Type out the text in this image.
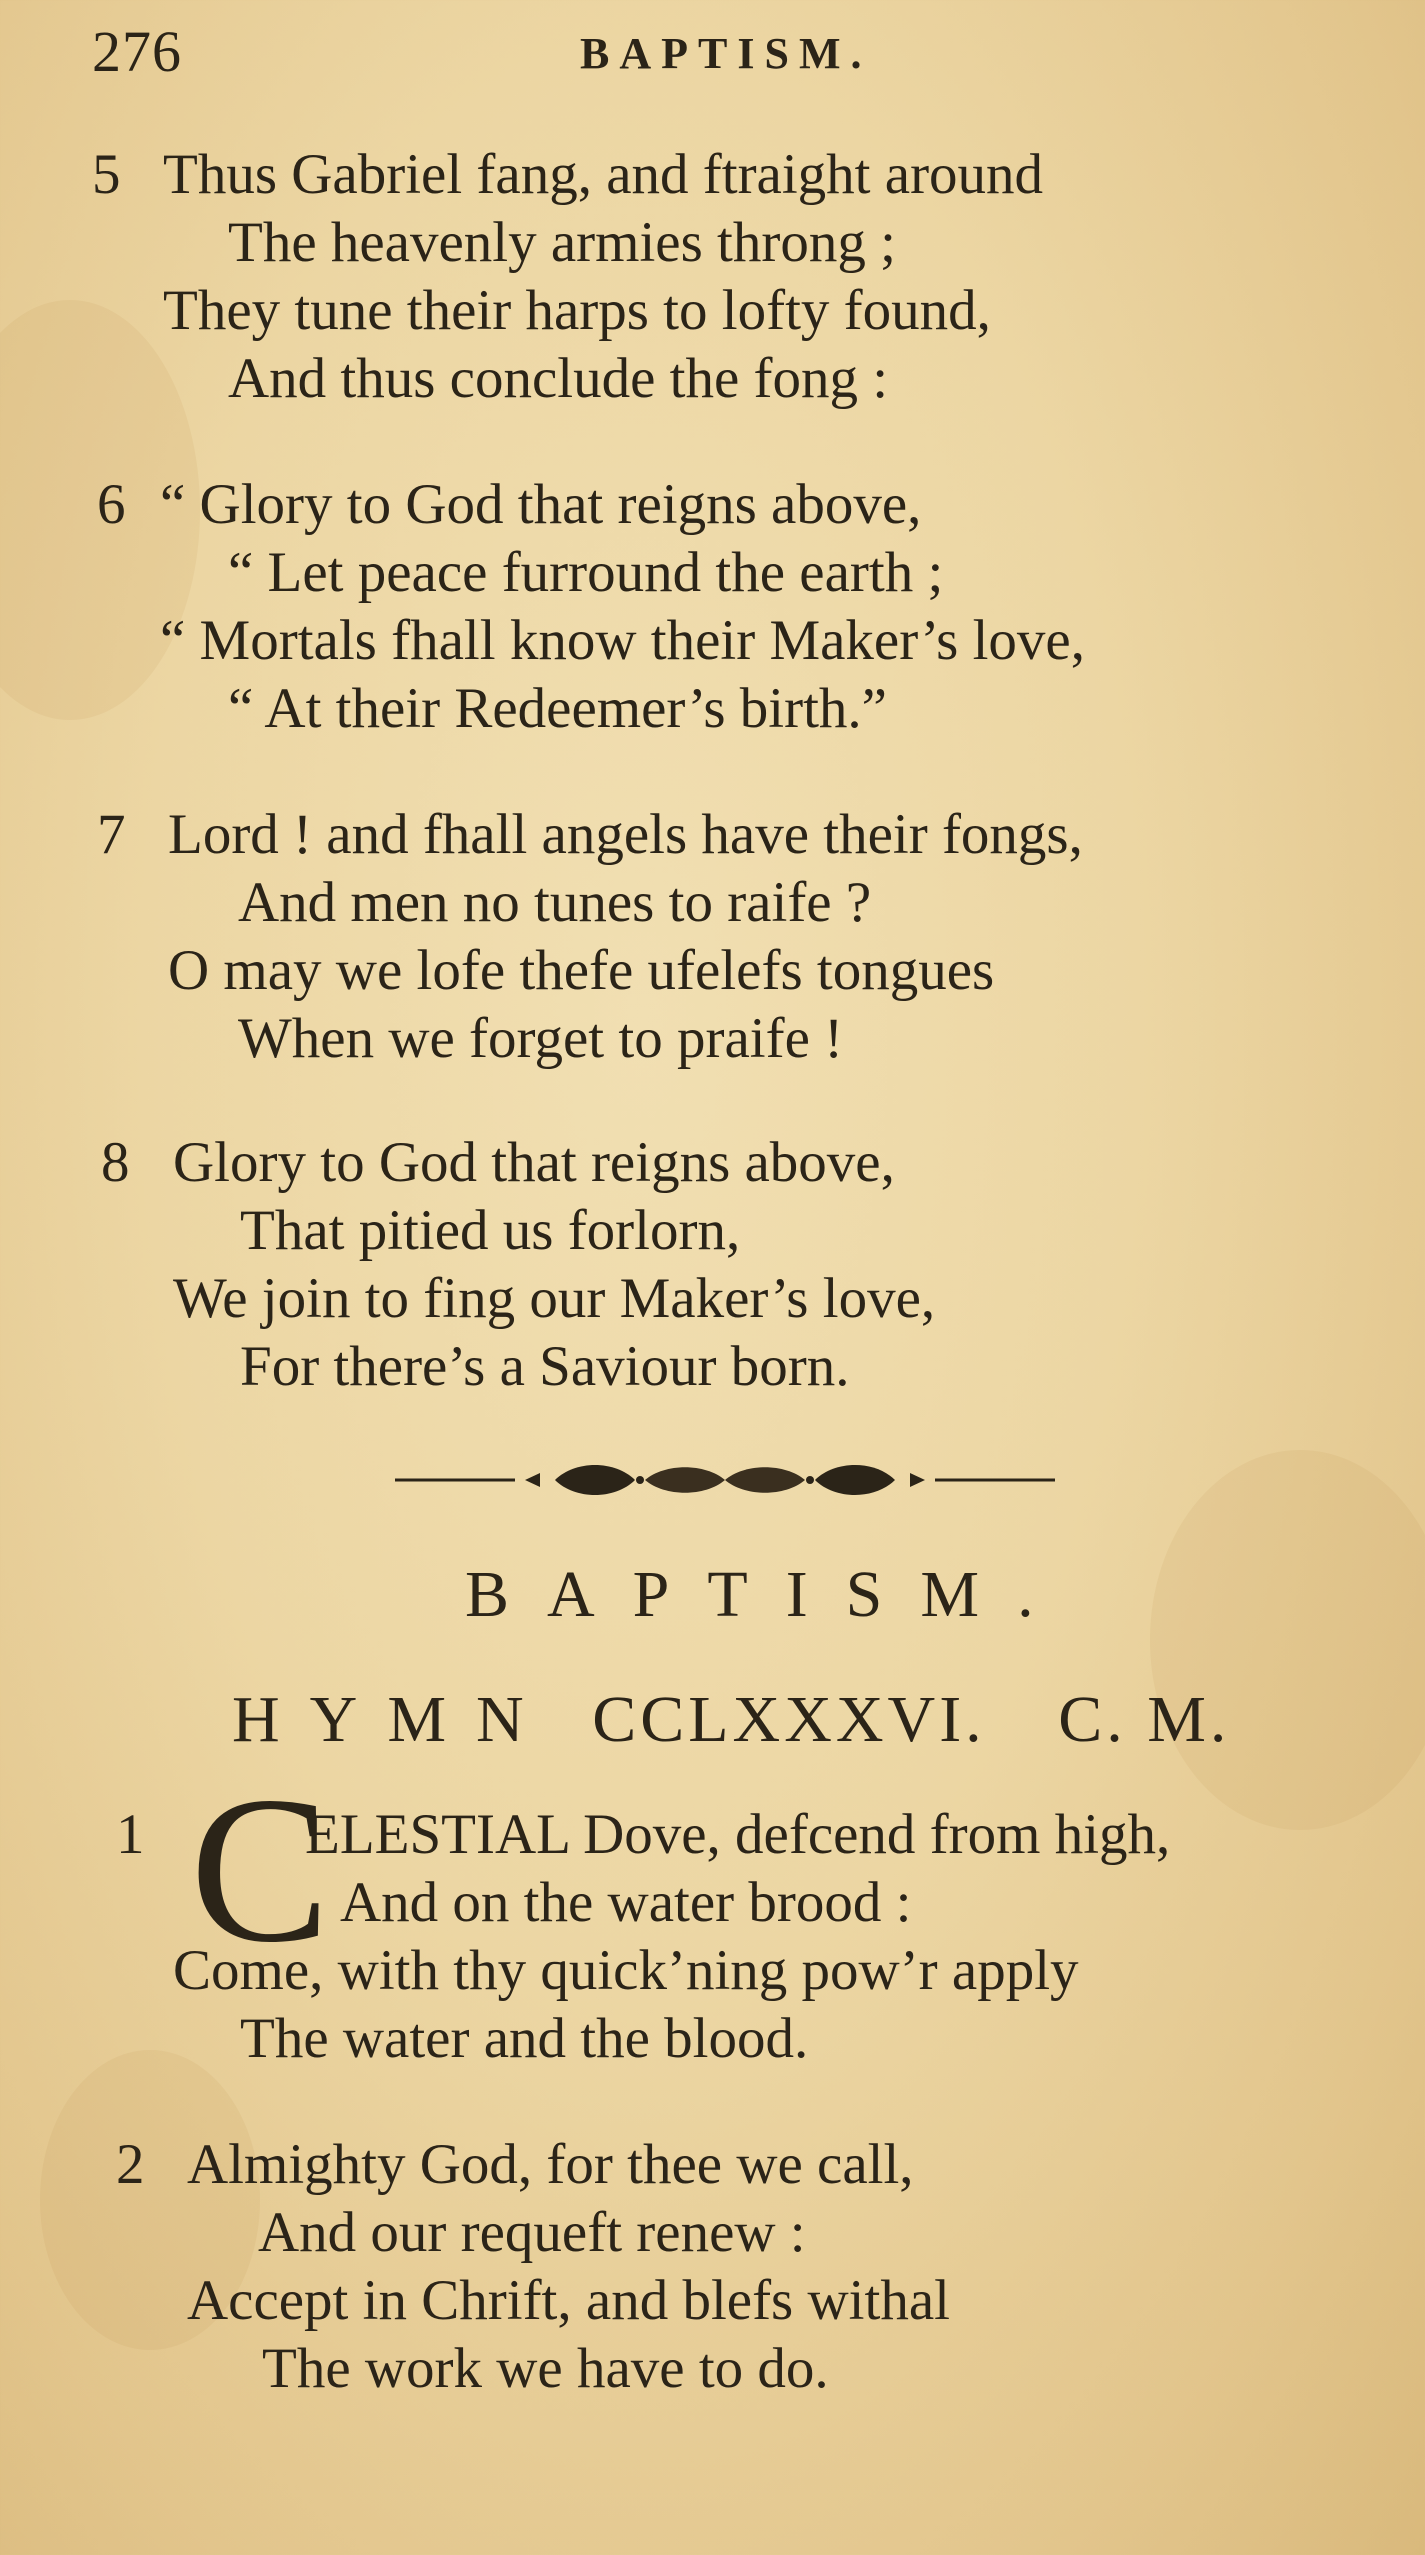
276	BAPTISM.
5 Thus Gabriel fang, and ftraight around
The heavenly armies throng ;
They tune their harps to lofty found,
And thus conclude the fong :
6 “ Glory to God that reigns above,
“ Let peace furround the earth ;
“ Mortals fhall know their Maker’s love,
“ At their Redeemer’s birth.”
7 Lord ! and fhall angels have their fongs,
And men no tunes to raife ?
O may we lofe thefe ufelefs tongues
When we forget to praife !
8 Glory to God that reigns above,
That pitied us forlorn,
We join to fing our Maker’s love,
For there’s a Saviour born.
BAPTISM.
HYMN CCLXXXVI. C. M.
1 C
ELESTIAL Dove, defcend from high,
And on the water brood :
Come, with thy quick’ning pow’r apply
The water and the blood.
2 Almighty God, for thee we call,
And our requeft renew :
Accept in Chrift, and blefs withal
The work we have to do.
